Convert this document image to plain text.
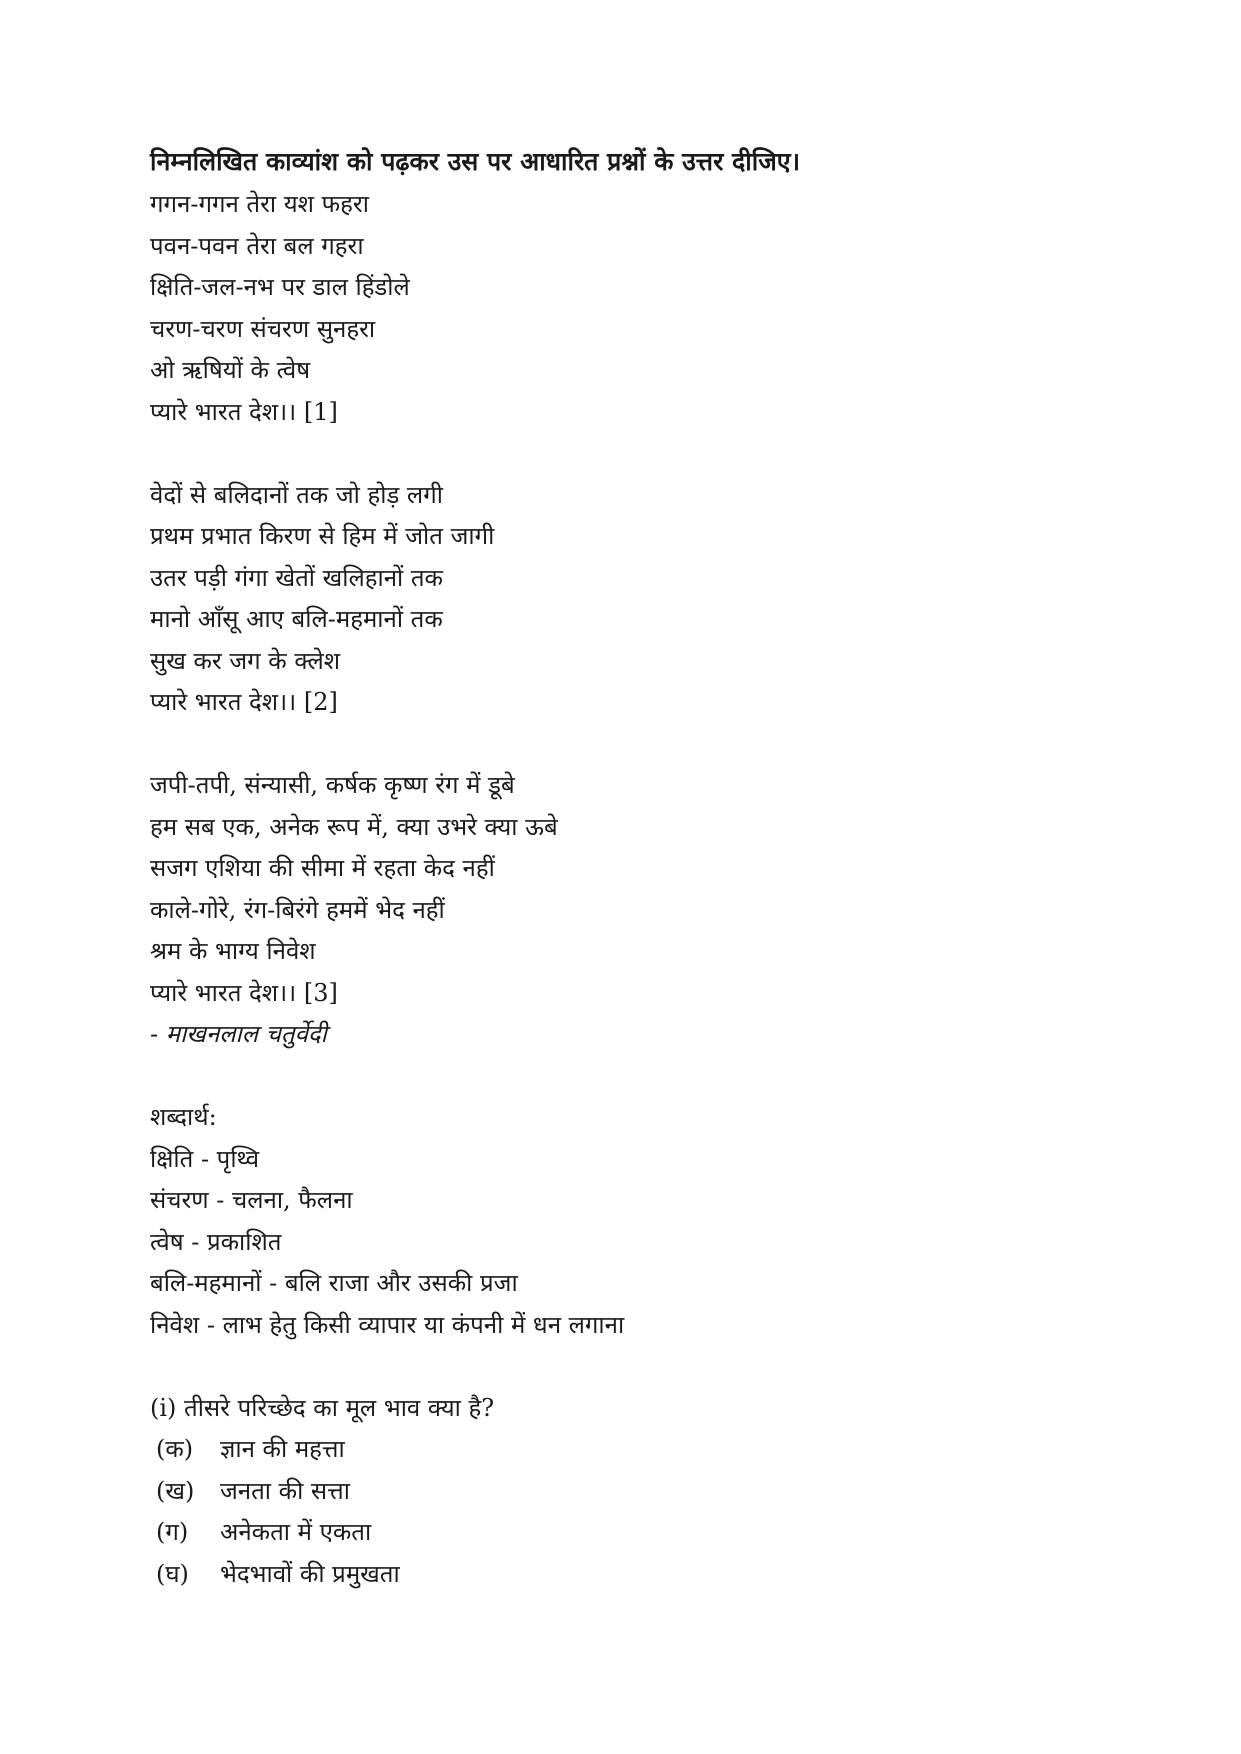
निम्नलिखित काव्यांश को पढ़कर उस पर आधारित प्रश्नों के उत्तर दीजिए।
गगन-गगन तेरा यश फहरा
पवन-पवन तेरा बल गहरा
क्षिति-जल-नभ पर डाल हिंडोले
चरण-चरण संचरण सुनहरा
ओ ऋषियों के त्वेष
प्यारे भारत देश।। [1]
वेदों से बलिदानों तक जो होड़ लगी
प्रथम प्रभात किरण से हिम में जोत जागी
उतर पड़ी गंगा खेतों खलिहानों तक
मानो आँसू आए बलि-महमानों तक
सुख कर जग के क्लेश
प्यारे भारत देश।। [2]
जपी-तपी, संन्यासी, कर्षक कृष्ण रंग में डूबे
हम सब एक, अनेक रूप में, क्या उभरे क्या ऊबे
सजग एशिया की सीमा में रहता केद नहीं
काले-गोरे, रंग-बिरंगे हममें भेद नहीं
श्रम के भाग्य निवेश
प्यारे भारत देश।। [3]
- माखनलाल चतुर्वेदी
शब्दार्थ:
क्षिति - पृथ्वि
संचरण - चलना, फैलना
त्वेष - प्रकाशित
बलि-महमानों - बलि राजा और उसकी प्रजा
निवेश - लाभ हेतु किसी व्यापार या कंपनी में धन लगाना
(i) तीसरे परिच्छेद का मूल भाव क्या है?
(क)	ज्ञान की महत्ता
(ख)	जनता की सत्ता
(ग)	अनेकता में एकता
(घ)	भेदभावों की प्रमुखता
